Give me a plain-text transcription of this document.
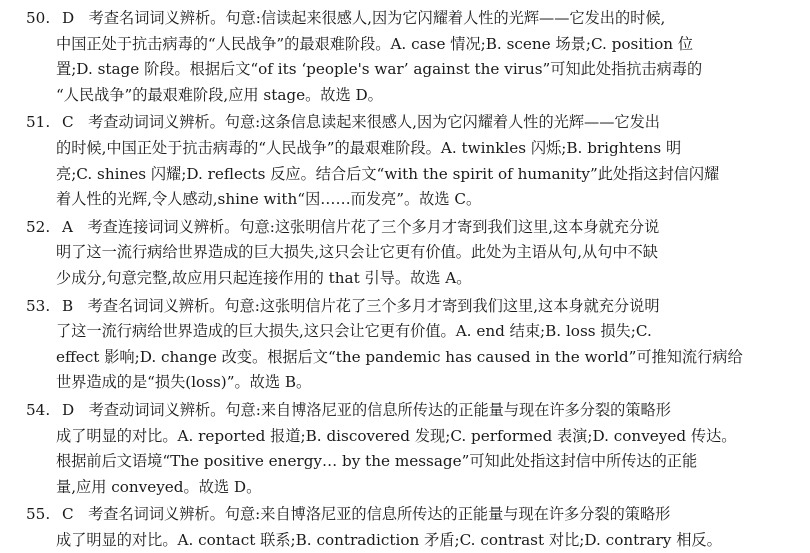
50. D 考查名词词义辨析。句意:信读起来很感人,因为它闪耀着人性的光辉——它发出的时候,
中国正处于抗击病毒的“人民战争”的最艰难阶段。A. case 情况;B. scene 场景;C. position 位
置;D. stage 阶段。根据后文“of its ‘people's war’ against the virus”可知此处指抗击病毒的
“人民战争”的最艰难阶段,应用 stage。故选 D。
51. C 考查动词词义辨析。句意:这条信息读起来很感人,因为它闪耀着人性的光辉——它发出
的时候,中国正处于抗击病毒的“人民战争”的最艰难阶段。A. twinkles 闪烁;B. brightens 明
亮;C. shines 闪耀;D. reflects 反应。结合后文“with the spirit of humanity”此处指这封信闪耀
着人性的光辉,令人感动,shine with“因……而发亮”。故选 C。
52. A 考查连接词词义辨析。句意:这张明信片花了三个多月才寄到我们这里,这本身就充分说
明了这一流行病给世界造成的巨大损失,这只会让它更有价值。此处为主语从句,从句中不缺
少成分,句意完整,故应用只起连接作用的 that 引导。故选 A。
53. B 考查名词词义辨析。句意:这张明信片花了三个多月才寄到我们这里,这本身就充分说明
了这一流行病给世界造成的巨大损失,这只会让它更有价值。A. end 结束;B. loss 损失;C.
effect 影响;D. change 改变。根据后文“the pandemic has caused in the world”可推知流行病给
世界造成的是“损失(loss)”。故选 B。
54. D 考查动词词义辨析。句意:来自博洛尼亚的信息所传达的正能量与现在许多分裂的策略形
成了明显的对比。A. reported 报道;B. discovered 发现;C. performed 表演;D. conveyed 传达。
根据前后文语境“The positive energy… by the message”可知此处指这封信中所传达的正能
量,应用 conveyed。故选 D。
55. C 考查名词词义辨析。句意:来自博洛尼亚的信息所传达的正能量与现在许多分裂的策略形
成了明显的对比。A. contact 联系;B. contradiction 矛盾;C. contrast 对比;D. contrary 相反。
